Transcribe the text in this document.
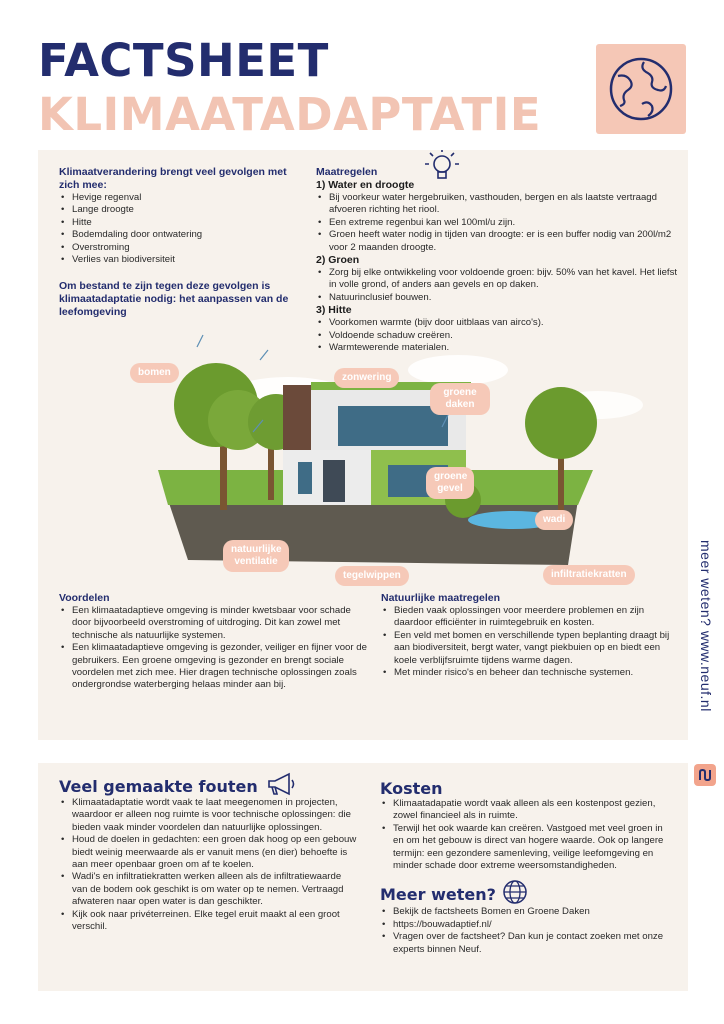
FACTSHEET
KLIMAATADAPTATIE
Klimaatverandering brengt veel gevolgen met zich mee:
• Hevige regenval
• Lange droogte
• Hitte
• Bodemdaling door ontwatering
• Overstroming
• Verlies van biodiversiteit
Om bestand te zijn tegen deze gevolgen is klimaatadaptatie nodig: het aanpassen van de leefomgeving
Maatregelen
1) Water en droogte
• Bij voorkeur water hergebruiken, vasthouden, bergen en als laatste vertraagd afvoeren richting het riool.
• Een extreme regenbui kan wel 100ml/u zijn.
• Groen heeft water nodig in tijden van droogte: er is een buffer nodig van 200l/m2 voor 2 maanden droogte.
2) Groen
• Zorg bij elke ontwikkeling voor voldoende groen: bijv. 50% van het kavel. Het liefst in volle grond, of anders aan gevels en op daken.
• Natuurinclusief bouwen.
3) Hitte
• Voorkomen warmte (bijv door uitblaas van airco's).
• Voldoende schaduw creëren.
• Warmtewerende materialen.
bomen	zonwering
groene daken
groene gevel
wadi
natuurlijke ventilatie
tegelwippen	infiltratiekratten
Voordelen
• Een klimaatadaptieve omgeving is minder kwetsbaar voor schade door bijvoorbeeld overstroming of uitdroging. Dit kan zowel met technische als natuurlijke systemen.
• Een klimaatadaptieve omgeving is gezonder, veiliger en fijner voor de gebruikers. Een groene omgeving is gezonder en brengt sociale voordelen met zich mee. Hier dragen technische oplossingen zoals ondergrondse waterberging helaas minder aan bij.
Natuurlijke maatregelen
• Bieden vaak oplossingen voor meerdere problemen en zijn daardoor efficiënter in ruimtegebruik en kosten.
• Een veld met bomen en verschillende typen beplanting draagt bij aan biodiversiteit, bergt water, vangt piekbuien op en biedt een koele verblijfsruimte tijdens warme dagen.
• Met minder risico's en beheer dan technische systemen.	meer weten? www.neuf.nl
Veel gemaakte fouten
• Klimaatadaptatie wordt vaak te laat meegenomen in projecten, waardoor er alleen nog ruimte is voor technische oplossingen: die bieden vaak minder voordelen dan natuurlijke oplossingen.
• Houd de doelen in gedachten: een groen dak hoog op een gebouw biedt weinig meerwaarde als er vanuit mens (en dier) behoefte is aan meer openbaar groen om af te koelen.
• Wadi's en infiltratiekratten werken alleen als de infiltratiewaarde van de bodem ook geschikt is om water op te nemen. Vertraagd afwateren naar open water is dan geschikter.
• Kijk ook naar privéterreinen. Elke tegel eruit maakt al een groot verschil.
Kosten
• Klimaatadapatie wordt vaak alleen als een kostenpost gezien, zowel financieel als in ruimte.
• Terwijl het ook waarde kan creëren. Vastgoed met veel groen in en om het gebouw is direct van hogere waarde. Ook op langere termijn: een gezondere samenleving, veilige leefomgeving en minder schade door extreme weersomstandigheden.
Meer weten?
• Bekijk de factsheets Bomen en Groene Daken
• https://bouwadaptief.nl/
• Vragen over de factsheet? Dan kun je contact zoeken met onze experts binnen Neuf.
